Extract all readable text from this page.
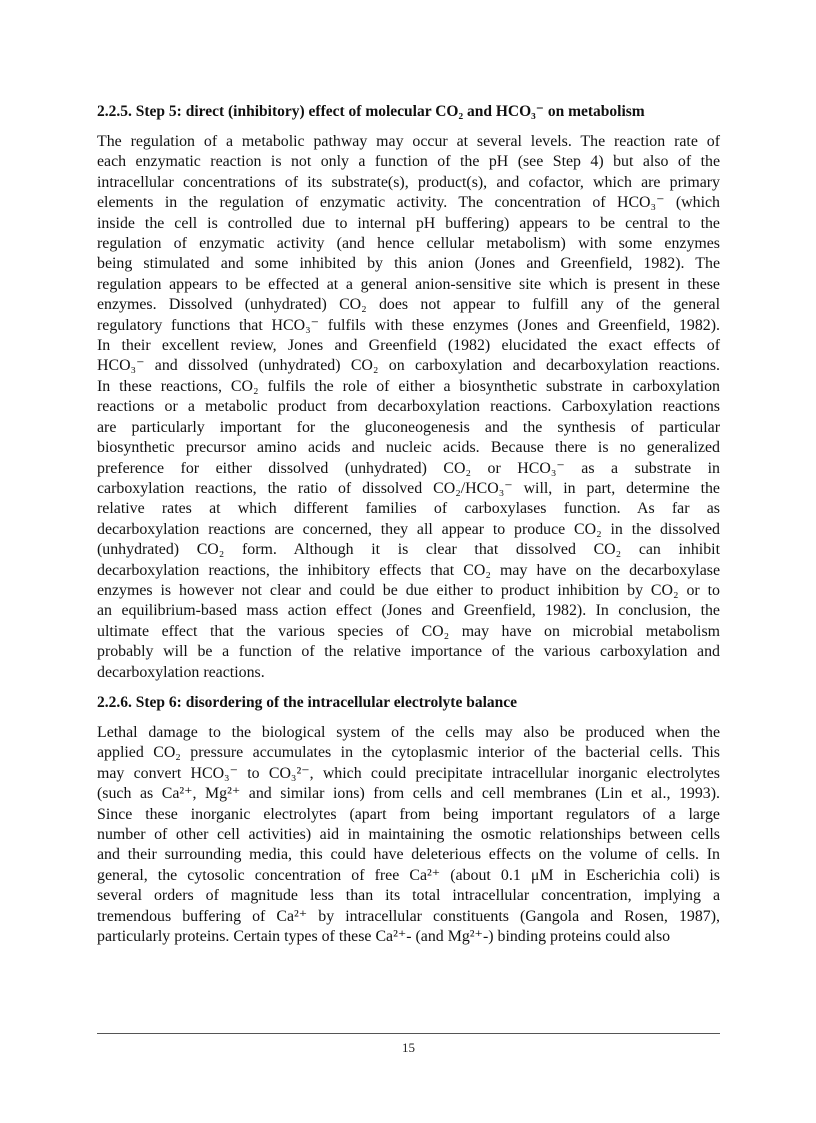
2.2.5. Step 5: direct (inhibitory) effect of molecular CO₂ and HCO₃⁻ on metabolism
The regulation of a metabolic pathway may occur at several levels. The reaction rate of
each enzymatic reaction is not only a function of the pH (see Step 4) but also of the
intracellular concentrations of its substrate(s), product(s), and cofactor, which are primary
elements in the regulation of enzymatic activity. The concentration of HCO₃⁻ (which
inside the cell is controlled due to internal pH buffering) appears to be central to the
regulation of enzymatic activity (and hence cellular metabolism) with some enzymes
being stimulated and some inhibited by this anion (Jones and Greenfield, 1982). The
regulation appears to be effected at a general anion-sensitive site which is present in these
enzymes. Dissolved (unhydrated) CO₂ does not appear to fulfill any of the general
regulatory functions that HCO₃⁻ fulfils with these enzymes (Jones and Greenfield, 1982).
In their excellent review, Jones and Greenfield (1982) elucidated the exact effects of
HCO₃⁻ and dissolved (unhydrated) CO₂ on carboxylation and decarboxylation reactions.
In these reactions, CO₂ fulfils the role of either a biosynthetic substrate in carboxylation
reactions or a metabolic product from decarboxylation reactions. Carboxylation reactions
are particularly important for the gluconeogenesis and the synthesis of particular
biosynthetic precursor amino acids and nucleic acids. Because there is no generalized
preference for either dissolved (unhydrated) CO₂ or HCO₃⁻ as a substrate in
carboxylation reactions, the ratio of dissolved CO₂/HCO₃⁻ will, in part, determine the
relative rates at which different families of carboxylases function. As far as
decarboxylation reactions are concerned, they all appear to produce CO₂ in the dissolved
(unhydrated) CO₂ form. Although it is clear that dissolved CO₂ can inhibit
decarboxylation reactions, the inhibitory effects that CO₂ may have on the decarboxylase
enzymes is however not clear and could be due either to product inhibition by CO₂ or to
an equilibrium-based mass action effect (Jones and Greenfield, 1982). In conclusion, the
ultimate effect that the various species of CO₂ may have on microbial metabolism
probably will be a function of the relative importance of the various carboxylation and
decarboxylation reactions.
2.2.6. Step 6: disordering of the intracellular electrolyte balance
Lethal damage to the biological system of the cells may also be produced when the
applied CO₂ pressure accumulates in the cytoplasmic interior of the bacterial cells. This
may convert HCO₃⁻ to CO₃²⁻, which could precipitate intracellular inorganic electrolytes
(such as Ca²⁺, Mg²⁺ and similar ions) from cells and cell membranes (Lin et al., 1993).
Since these inorganic electrolytes (apart from being important regulators of a large
number of other cell activities) aid in maintaining the osmotic relationships between cells
and their surrounding media, this could have deleterious effects on the volume of cells. In
general, the cytosolic concentration of free Ca²⁺ (about 0.1 μM in Escherichia coli) is
several orders of magnitude less than its total intracellular concentration, implying a
tremendous buffering of Ca²⁺ by intracellular constituents (Gangola and Rosen, 1987),
particularly proteins. Certain types of these Ca²⁺- (and Mg²⁺-) binding proteins could also
15
